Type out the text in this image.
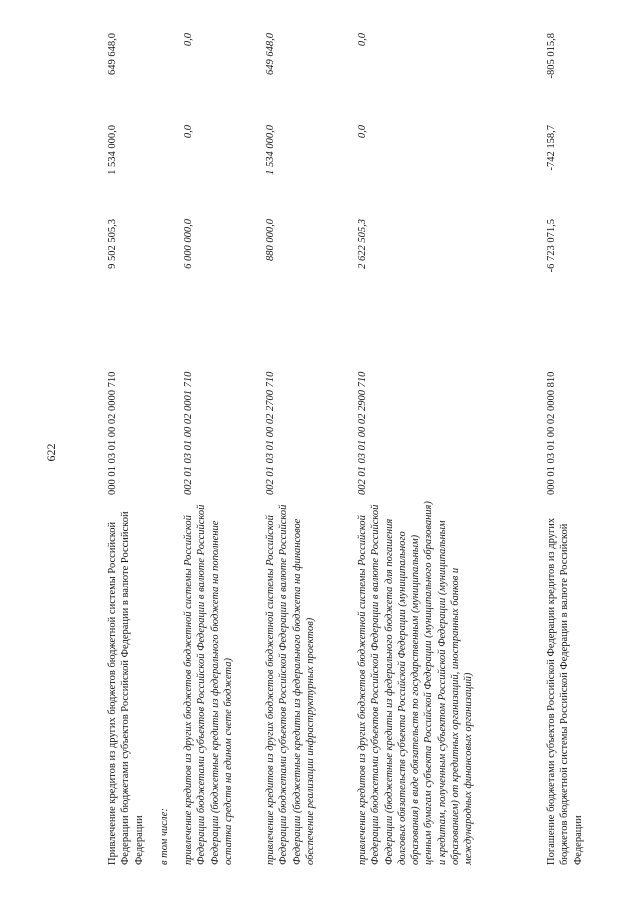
622
Привлечение кредитов из других бюджетов бюджетной системы Российской Федерации бюджетами субъектов Российской Федерации в валюте Российской Федерации
000 01 03 01 00 02 0000 710
9 502 505,3
1 534 000,0
649 648,0
в том числе: привлечение кредитов из других бюджетов бюджетной системы Российской Федерации бюджетами субъектов Российской Федерации в валюте Российской Федерации (бюджетные кредиты из федерального бюджета на пополнение остатка средств на едином счете бюджета)
002 01 03 01 00 02 0001 710
6 000 000,0
0,0
0,0
привлечение кредитов из других бюджетов бюджетной системы Российской Федерации бюджетами субъектов Российской Федерации в валюте Российской Федерации (бюджетные кредиты из федерального бюджета на финансовое обеспечение реализации инфраструктурных проектов)
002 01 03 01 00 02 2700 710
880 000,0
1 534 000,0
649 648,0
привлечение кредитов из других бюджетов бюджетной системы Российской Федерации бюджетами субъектов Российской Федерации в валюте Российской Федерации (бюджетные кредиты из федерального бюджета для погашения долговых обязательств субъекта Российской Федерации (муниципального образования) в виде обязательств по государственным (муниципальным) ценным бумагам субъекта Российской Федерации (муниципального образования) и кредитам, полученным субъектом Российской Федерации (муниципальным образованием) от кредитных организаций, иностранных банков и международных финансовых организаций)
002 01 03 01 00 02 2900 710
2 622 505,3
0,0
0,0
Погашение бюджетами субъектов Российской Федерации кредитов из других бюджетов бюджетной системы Российской Федерации в валюте Российской Федерации
000 01 03 01 00 02 0000 810
-6 723 071,5
-742 158,7
-805 015,8
